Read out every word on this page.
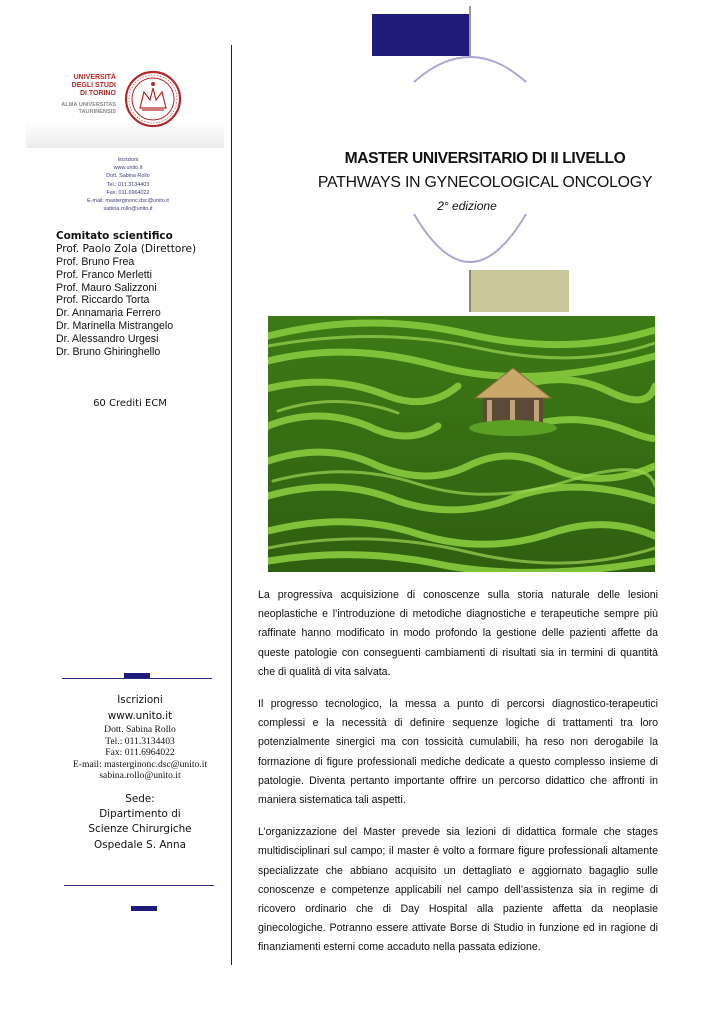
UNIVERSITÀ
DEGLI STUDI
DI TORINO
ALMA UNIVERSITAS
TAURINENSIS
Iscrizioni
www.unito.it
Dott. Sabina Rollo
Tel.: 011.3134403
Fax: 011.6964022
E-mail: masterginonc.dsc@unito.it
sabina.rollo@unito.it
Comitato scientifico
Prof. Paolo Zola (Direttore)
Prof. Bruno Frea
Prof. Franco Merletti
Prof. Mauro Salizzoni
Prof. Riccardo Torta
Dr. Annamaria Ferrero
Dr. Marinella Mistrangelo
Dr. Alessandro Urgesi
Dr. Bruno Ghiringhello
60 Crediti ECM
Iscrizioni
www.unito.it
Dott. Sabina Rollo
Tel.: 011.3134403
Fax: 011.6964022
E-mail: masterginonc.dsc@unito.it
sabina.rollo@unito.it
Sede:
Dipartimento di
Scienze Chirurgiche
Ospedale S. Anna
MASTER UNIVERSITARIO DI II LIVELLO
PATHWAYS IN GYNECOLOGICAL ONCOLOGY
2° edizione

La progressiva acquisizione di conoscenze sulla storia naturale delle lesioni neoplastiche e l’introduzione di metodiche diagnostiche e terapeutiche sempre più raffinate hanno modificato in modo profondo la gestione delle pazienti affette da queste patologie con conseguenti cambiamenti di risultati sia in termini di quantità che di qualità di vita salvata.

Il progresso tecnologico, la messa a punto di percorsi diagnostico-terapeutici complessi e la necessità di definire sequenze logiche di trattamenti tra loro potenzialmente sinergici ma con tossicità cumulabili, ha reso non derogabile la formazione di figure professionali mediche dedicate a questo complesso insieme di patologie. Diventa pertanto importante offrire un percorso didattico che affronti in maniera sistematica tali aspetti.

L’organizzazione del Master prevede sia lezioni di didattica formale che stages multidisciplinari sul campo; il master è volto a formare figure professionali altamente specializzate che abbiano acquisito un dettagliato e aggiornato bagaglio sulle conoscenze e competenze applicabili nel campo dell’assistenza sia in regime di ricovero ordinario che di Day Hospital alla paziente affetta da neoplasie ginecologiche. Potranno essere attivate Borse di Studio in funzione ed in ragione di finanziamenti esterni come accaduto nella passata edizione.
